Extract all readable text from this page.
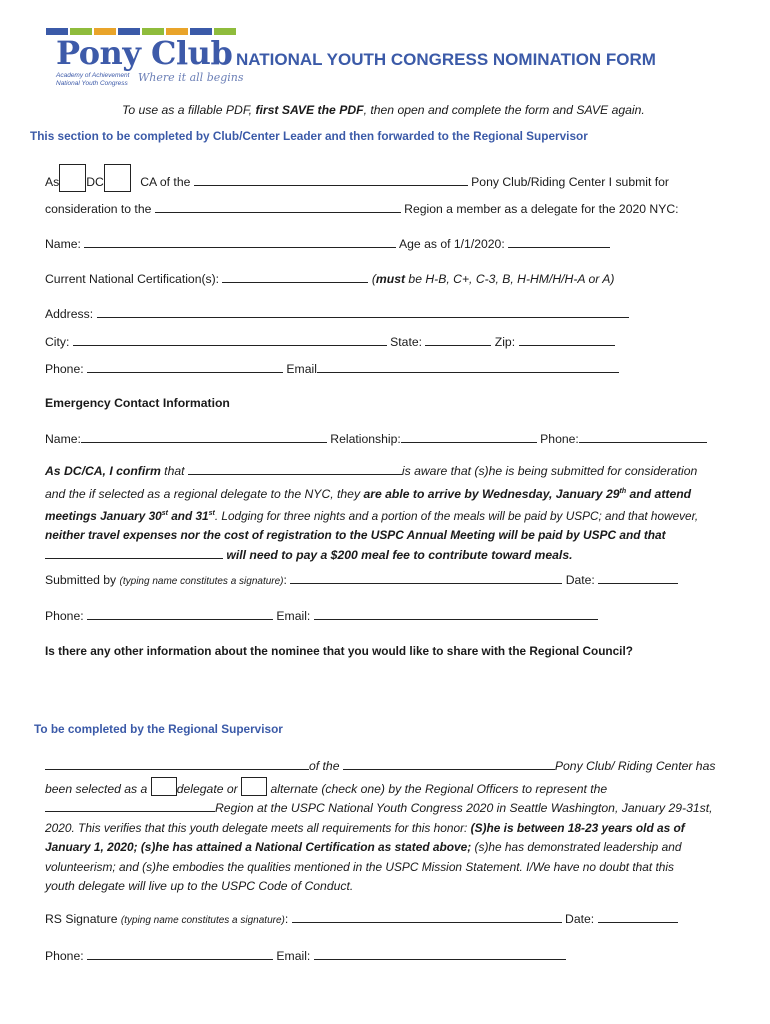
Pony Club
Academy of Achievement
National Youth Congress Where it all begins
NATIONAL YOUTH CONGRESS NOMINATION FORM
To use as a fillable PDF, first SAVE the PDF, then open and complete the form and SAVE again.
This section to be completed by Club/Center Leader and then forwarded to the Regional Supervisor
As DC	CA of the	Pony Club/Riding Center I submit for
consideration to the	Region a member as a delegate for the 2020 NYC:
Name:	Age as of 1/1/2020:
Current National Certification(s):	(must be H-B, C+, C-3, B, H-HM/H/H-A or A)
Address:
City:	State:	Zip:
Phone:	Email
Emergency Contact Information
Name:	Relationship:	Phone:
As DC/CA, I confirm that	is aware that (s)he is being submitted for consideration
and the if selected as a regional delegate to the NYC, they are able to arrive by Wednesday, January 29th and attend
meetings January 30st and 31st. Lodging for three nights and a portion of the meals will be paid by USPC; and that however,
neither travel expenses nor the cost of registration to the USPC Annual Meeting will be paid by USPC and that
will need to pay a $200 meal fee to contribute toward meals.
Submitted by (typing name constitutes a signature):	Date:
Phone:	Email:
Is there any other information about the nominee that you would like to share with the Regional Council?
To be completed by the Regional Supervisor
of the	Pony Club/ Riding Center has
been selected as a delegate or	alternate (check one) by the Regional Officers to represent the
Region at the USPC National Youth Congress 2020 in Seattle Washington, January 29-31st,
2020. This verifies that this youth delegate meets all requirements for this honor: (S)he is between 18-23 years old as of
January 1, 2020; (s)he has attained a National Certification as stated above; (s)he has demonstrated leadership and
volunteerism; and (s)he embodies the qualities mentioned in the USPC Mission Statement. I/We have no doubt that this
youth delegate will live up to the USPC Code of Conduct.
RS Signature (typing name constitutes a signature):	Date:
Phone:	Email:
